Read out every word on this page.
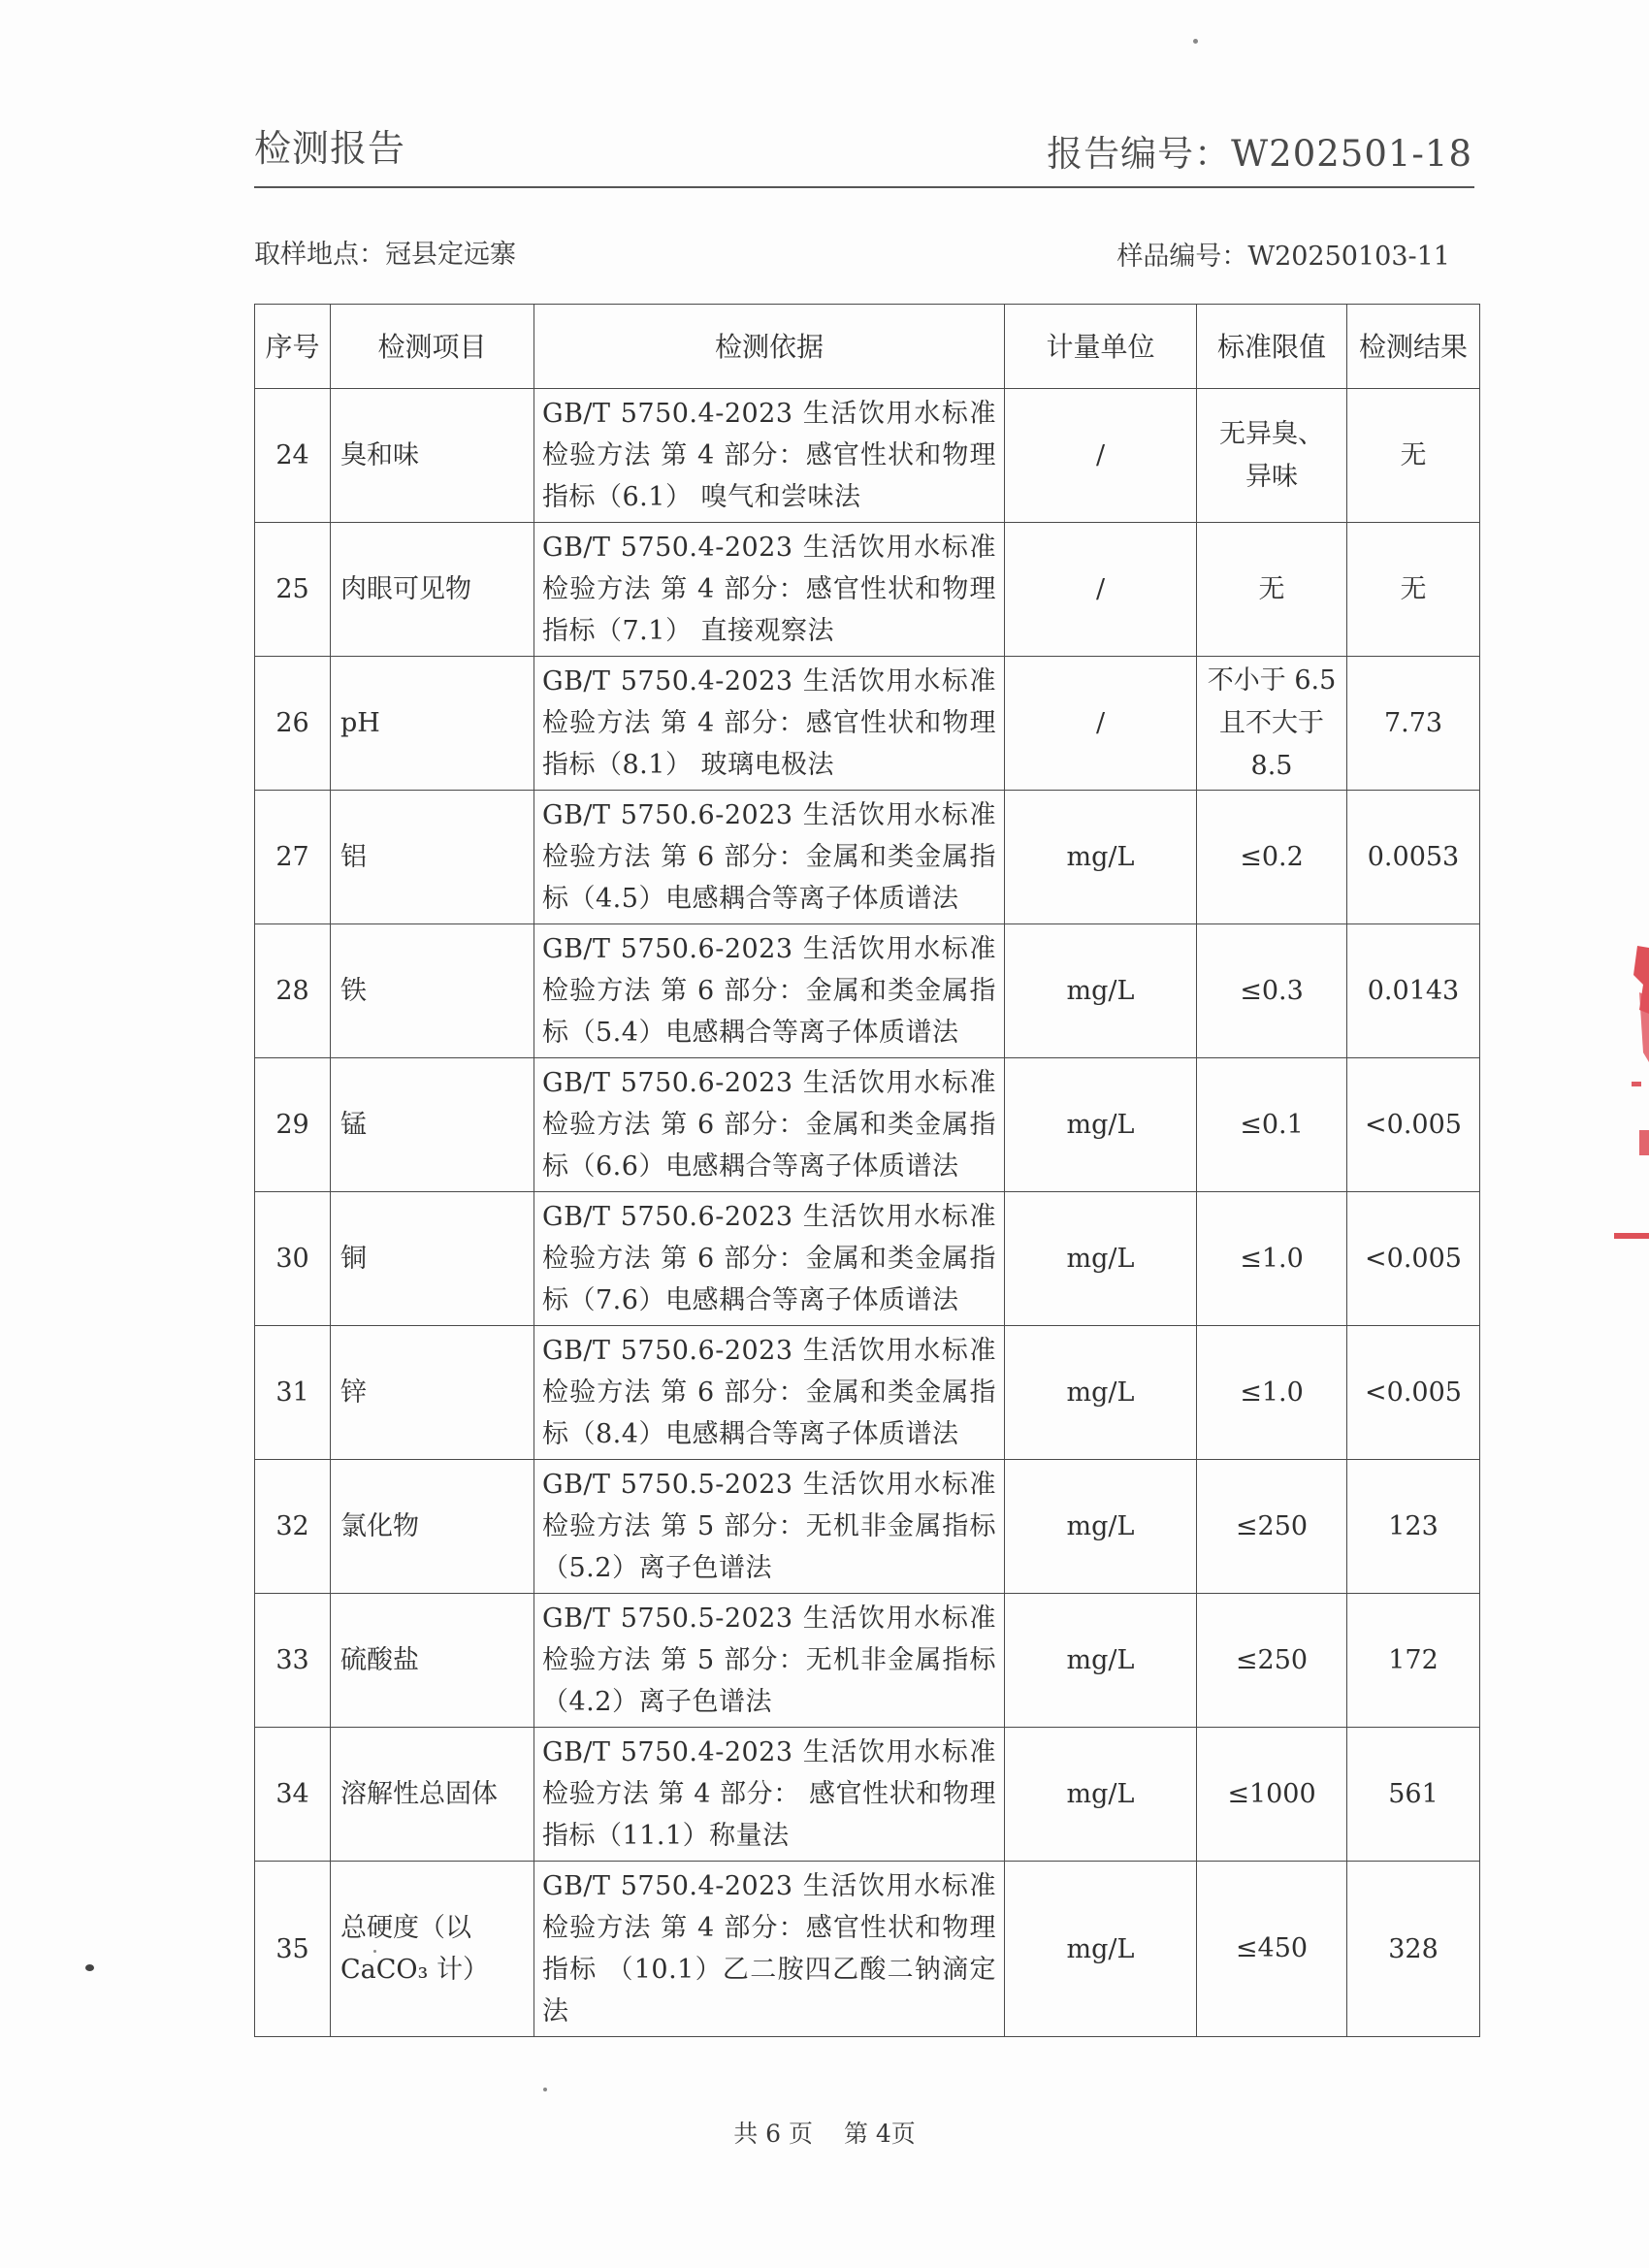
检测报告	报告编号：W202501-18
取样地点：冠县定远寨	样品编号：W20250103-11
序号	检测项目	检测依据	计量单位	标准限值	检测结果
24	臭和味	GB/T 5750.4-2023 生活饮用水标准检验方法 第 4 部分：感官性状和物理指标（6.1） 嗅气和尝味法	/	无异臭、异味	无
25	肉眼可见物	GB/T 5750.4-2023 生活饮用水标准检验方法 第 4 部分：感官性状和物理指标（7.1） 直接观察法	/	无	无
26	pH	GB/T 5750.4-2023 生活饮用水标准检验方法 第 4 部分：感官性状和物理指标（8.1） 玻璃电极法	/	不小于 6.5 且不大于 8.5	7.73
27	铝	GB/T 5750.6-2023 生活饮用水标准检验方法 第 6 部分：金属和类金属指标（4.5）电感耦合等离子体质谱法	mg/L	≤0.2	0.0053
28	铁	GB/T 5750.6-2023 生活饮用水标准检验方法 第 6 部分：金属和类金属指标（5.4）电感耦合等离子体质谱法	mg/L	≤0.3	0.0143
29	锰	GB/T 5750.6-2023 生活饮用水标准检验方法 第 6 部分：金属和类金属指标（6.6）电感耦合等离子体质谱法	mg/L	≤0.1	<0.005
30	铜	GB/T 5750.6-2023 生活饮用水标准检验方法 第 6 部分：金属和类金属指标（7.6）电感耦合等离子体质谱法	mg/L	≤1.0	<0.005
31	锌	GB/T 5750.6-2023 生活饮用水标准检验方法 第 6 部分：金属和类金属指标（8.4）电感耦合等离子体质谱法	mg/L	≤1.0	<0.005
32	氯化物	GB/T 5750.5-2023 生活饮用水标准检验方法 第 5 部分：无机非金属指标（5.2）离子色谱法	mg/L	≤250	123
33	硫酸盐	GB/T 5750.5-2023 生活饮用水标准检验方法 第 5 部分：无机非金属指标（4.2）离子色谱法	mg/L	≤250	172
34	溶解性总固体	GB/T 5750.4-2023 生活饮用水标准检验方法 第 4 部分： 感官性状和物理指标（11.1）称量法	mg/L	≤1000	561
35	总硬度（以 CaCO₃ 计）	GB/T 5750.4-2023 生活饮用水标准检验方法 第 4 部分：感官性状和物理指标 （10.1）乙二胺四乙酸二钠滴定法	mg/L	≤450	328
共 6 页 第 4页
